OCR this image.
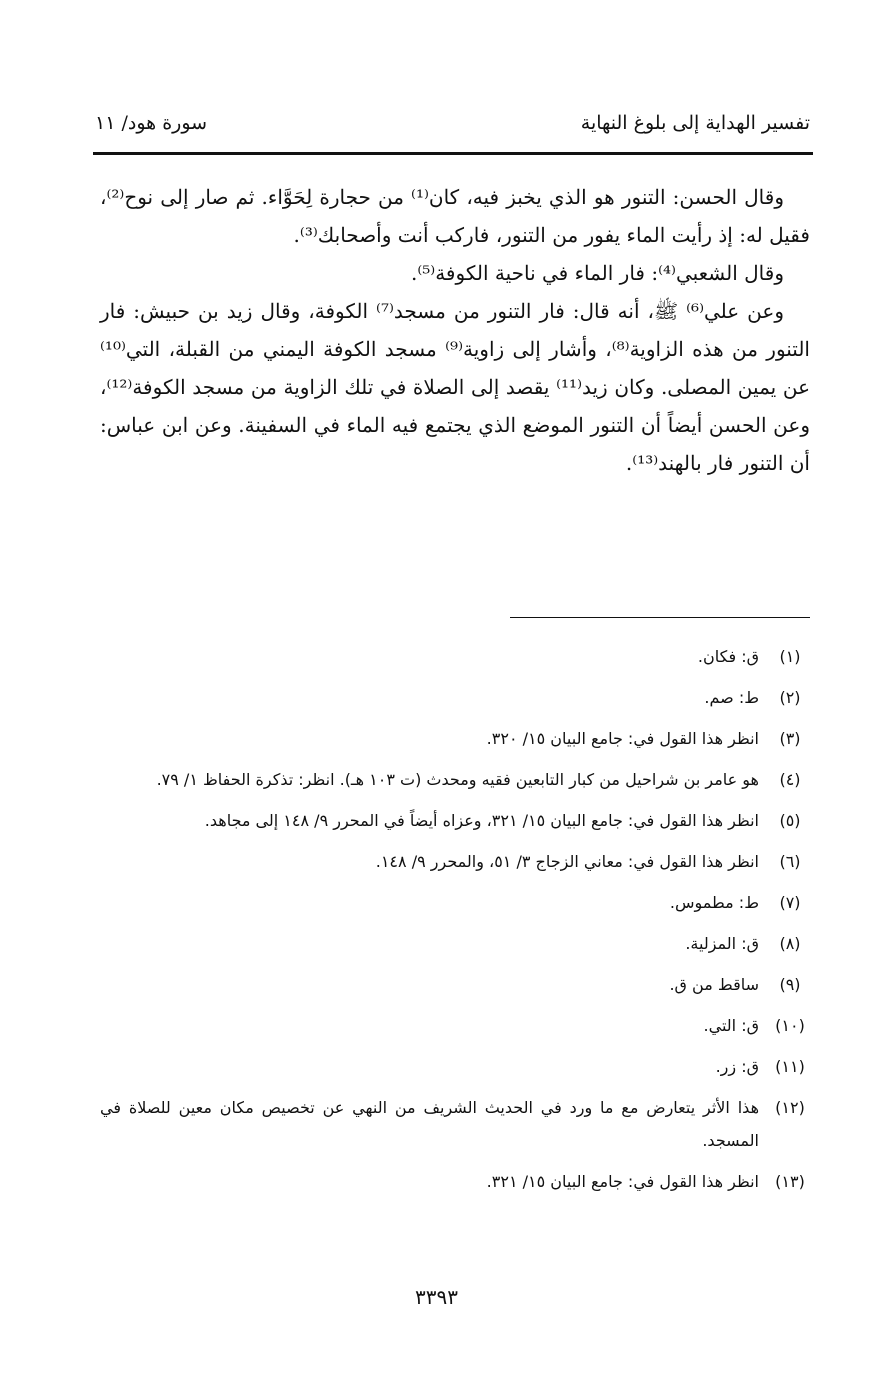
تفسير الهداية إلى بلوغ النهاية
سورة هود/ ١١

وقال الحسن: التنور هو الذي يخبز فيه، كان⁽¹⁾ من حجارة لِحَوَّاء. ثم صار إلى نوح⁽²⁾، فقيل له: إذ رأيت الماء يفور من التنور، فاركب أنت وأصحابك⁽³⁾.

وقال الشعبي⁽⁴⁾: فار الماء في ناحية الكوفة⁽⁵⁾.

وعن علي⁽⁶⁾ ﷺ، أنه قال: فار التنور من مسجد⁽⁷⁾ الكوفة، وقال زيد بن حبيش: فار التنور من هذه الزاوية⁽⁸⁾، وأشار إلى زاوية⁽⁹⁾ مسجد الكوفة اليمني من القبلة، التي⁽¹⁰⁾ عن يمين المصلى. وكان زيد⁽¹¹⁾ يقصد إلى الصلاة في تلك الزاوية من مسجد الكوفة⁽¹²⁾، وعن الحسن أيضاً أن التنور الموضع الذي يجتمع فيه الماء في السفينة. وعن ابن عباس: أن التنور فار بالهند⁽¹³⁾.

(١)
ق: فكان.
(٢)
ط: صم.
(٣)
انظر هذا القول في: جامع البيان ١٥/ ٣٢٠.
(٤)
هو عامر بن شراحيل من كبار التابعين فقيه ومحدث (ت ١٠٣ هـ). انظر: تذكرة الحفاظ ١/ ٧٩.
(٥)
انظر هذا القول في: جامع البيان ١٥/ ٣٢١، وعزاه أيضاً في المحرر ٩/ ١٤٨ إلى مجاهد.
(٦)
انظر هذا القول في: معاني الزجاج ٣/ ٥١، والمحرر ٩/ ١٤٨.
(٧)
ط: مطموس.
(٨)
ق: المزلية.
(٩)
ساقط من ق.
(١٠)
ق: التي.
(١١)
ق: زر.
(١٢)
هذا الأثر يتعارض مع ما ورد في الحديث الشريف من النهي عن تخصيص مكان معين للصلاة في المسجد.
(١٣)
انظر هذا القول في: جامع البيان ١٥/ ٣٢١.
٣٣٩٣
